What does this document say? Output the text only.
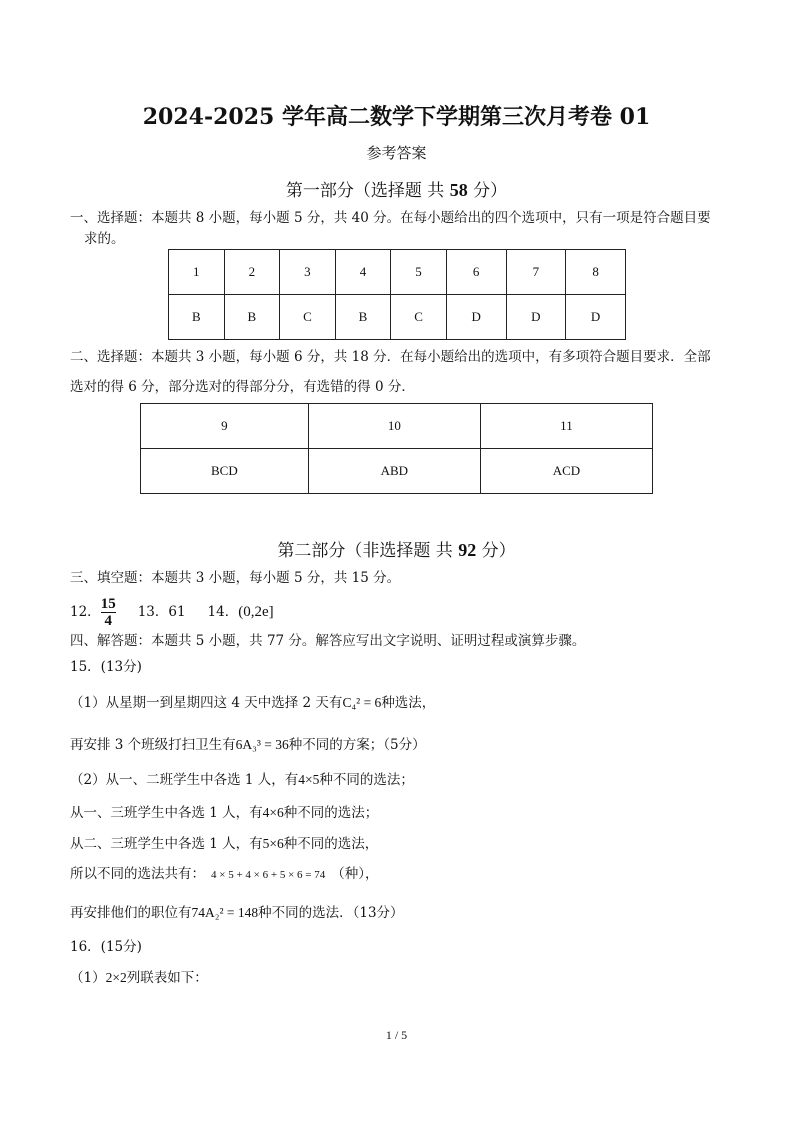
2024-2025 学年高二数学下学期第三次月考卷 01
参考答案
第一部分（选择题 共 58 分）
一、选择题：本题共 8 小题，每小题 5 分，共 40 分。在每小题给出的四个选项中，只有一项是符合题目要
求的。
1	2	3	4	5	6	7	8
B	B	C	B	C	D	D	D
二、选择题：本题共 3 小题，每小题 6 分，共 18 分．在每小题给出的选项中，有多项符合题目要求．全部
选对的得 6 分，部分选对的得部分分，有选错的得 0 分．
9	10	11
BCD	ABD	ACD
第二部分（非选择题 共 92 分）
三、填空题：本题共 3 小题，每小题 5 分，共 15 分。
12． $\frac{15}{4} 13$．61 14． (0,2e]
四、解答题：本题共 5 小题，共 77 分。解答应写出文字说明、证明过程或演算步骤。
15．(13分)
（1）从星期一到星期四这 4 天中选择 2 天有C₄² = 6种选法，
再安排 3 个班级打扫卫生有6A₃³ = 36种不同的方案；（5分）
（2）从一、二班学生中各选 1 人，有4×5种不同的选法；
从一、三班学生中各选 1 人，有4×6种不同的选法；
从二、三班学生中各选 1 人，有5×6种不同的选法，
所以不同的选法共有： 4 × 5 + 4 × 6 + 5 × 6 = 74 （种），
再安排他们的职位有74A₂² = 148种不同的选法．（13分）
16．(15分)
（1）2×2列联表如下：
1 / 5
